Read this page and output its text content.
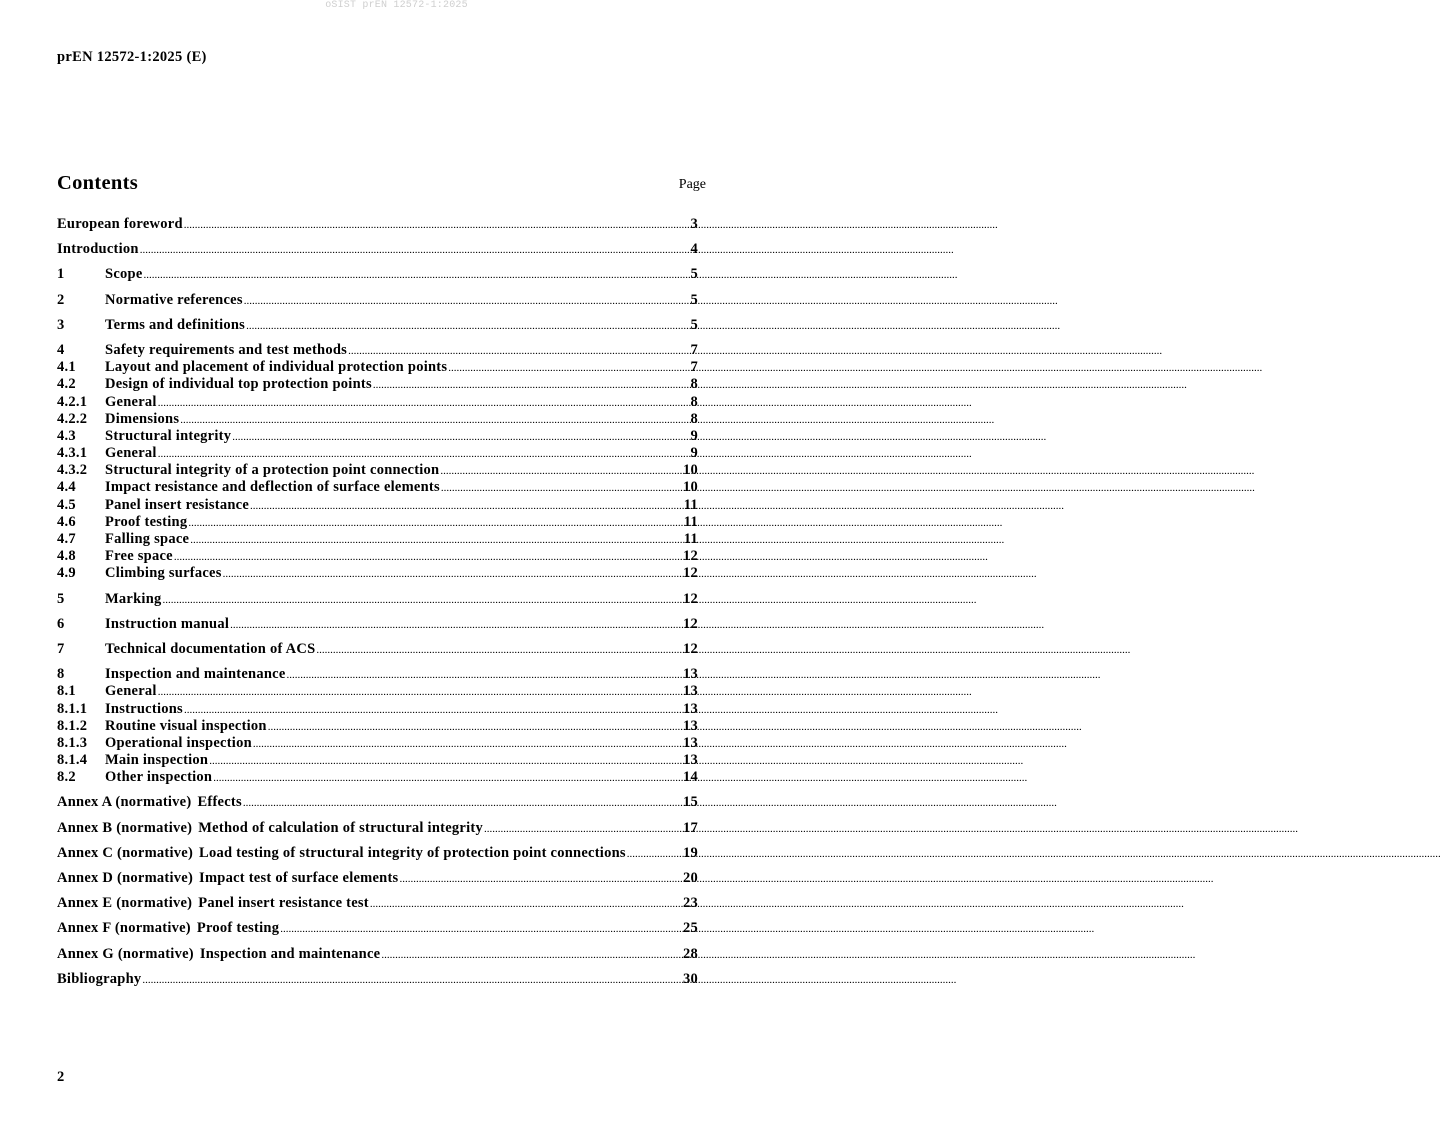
oSIST prEN 12572-1:2025
prEN 12572-1:2025 (E)
Contents	Page
European foreword .....	3
Introduction .....	4
1	Scope .....	5
2	Normative references .....	5
3	Terms and definitions .....	5
4	Safety requirements and test methods .....	7
4.1	Layout and placement of individual protection points .....	7
4.2	Design of individual top protection points .....	8
4.2.1	General .....	8
4.2.2	Dimensions .....	8
4.3	Structural integrity .....	9
4.3.1	General .....	9
4.3.2	Structural integrity of a protection point connection .....	10
4.4	Impact resistance and deflection of surface elements .....	10
4.5	Panel insert resistance .....	11
4.6	Proof testing .....	11
4.7	Falling space .....	11
4.8	Free space .....	12
4.9	Climbing surfaces .....	12
5	Marking .....	12
6	Instruction manual .....	12
7	Technical documentation of ACS .....	12
8	Inspection and maintenance .....	13
8.1	General .....	13
8.1.1	Instructions .....	13
8.1.2	Routine visual inspection .....	13
8.1.3	Operational inspection .....	13
8.1.4	Main inspection .....	13
8.2	Other inspection .....	14
Annex A (normative) Effects .....	15
Annex B (normative) Method of calculation of structural integrity .....	17
Annex C (normative) Load testing of structural integrity of protection point connections .....	19
Annex D (normative) Impact test of surface elements .....	20
Annex E (normative) Panel insert resistance test .....	23
Annex F (normative) Proof testing .....	25
Annex G (normative) Inspection and maintenance .....	28
Bibliography .....	30
2
